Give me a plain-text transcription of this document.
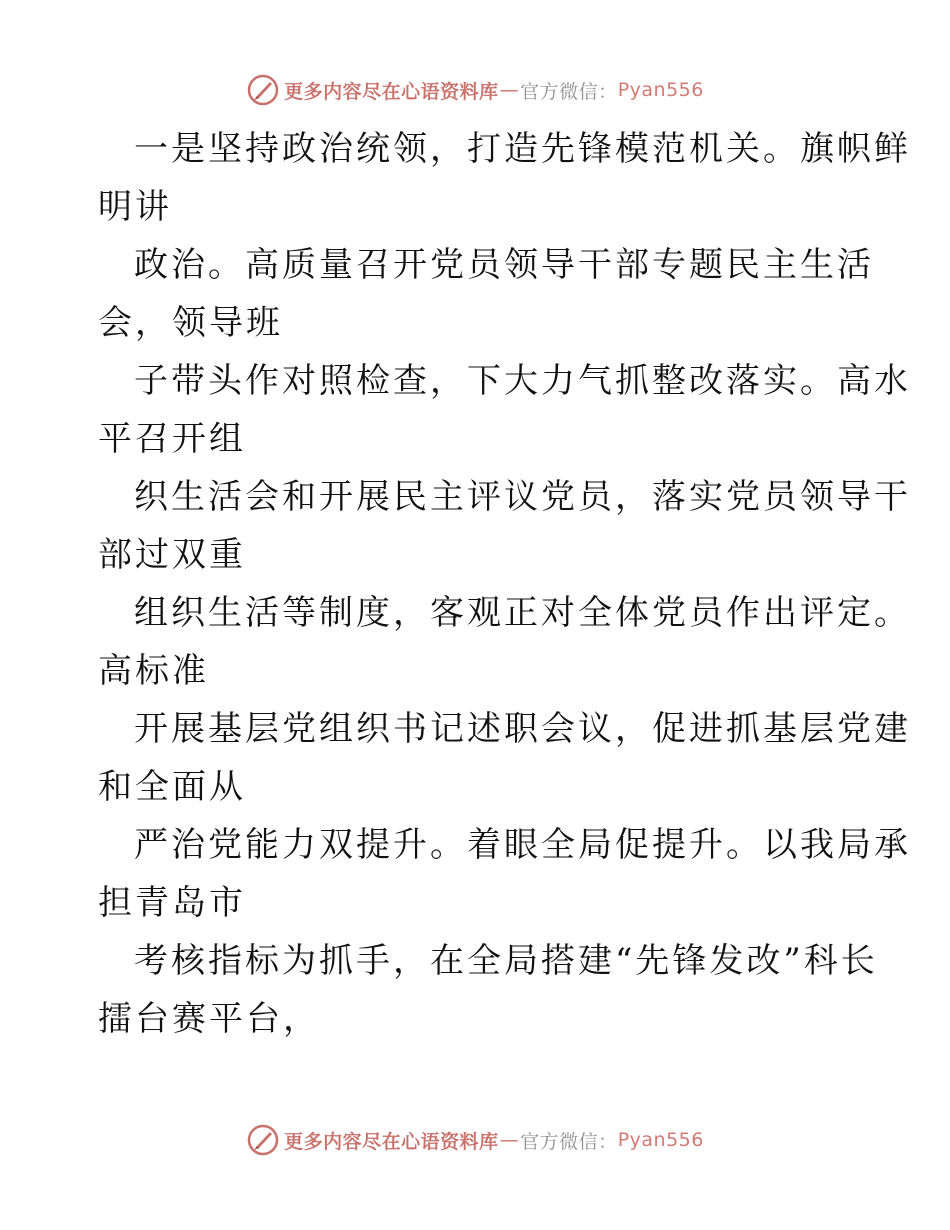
更多内容尽在心语资料库 — 官方微信： Pyan556
一是坚持政治统领，打造先锋模范机关。旗帜鲜
明讲
政治。高质量召开党员领导干部专题民主生活
会，领导班
子带头作对照检查，下大力气抓整改落实。高水
平召开组
织生活会和开展民主评议党员，落实党员领导干
部过双重
组织生活等制度，客观正对全体党员作出评定。
高标准
开展基层党组织书记述职会议，促进抓基层党建
和全面从
严治党能力双提升。着眼全局促提升。以我局承
担青岛市
考核指标为抓手，在全局搭建“先锋发改”科长
擂台赛平台，
更多内容尽在心语资料库 — 官方微信： Pyan556
